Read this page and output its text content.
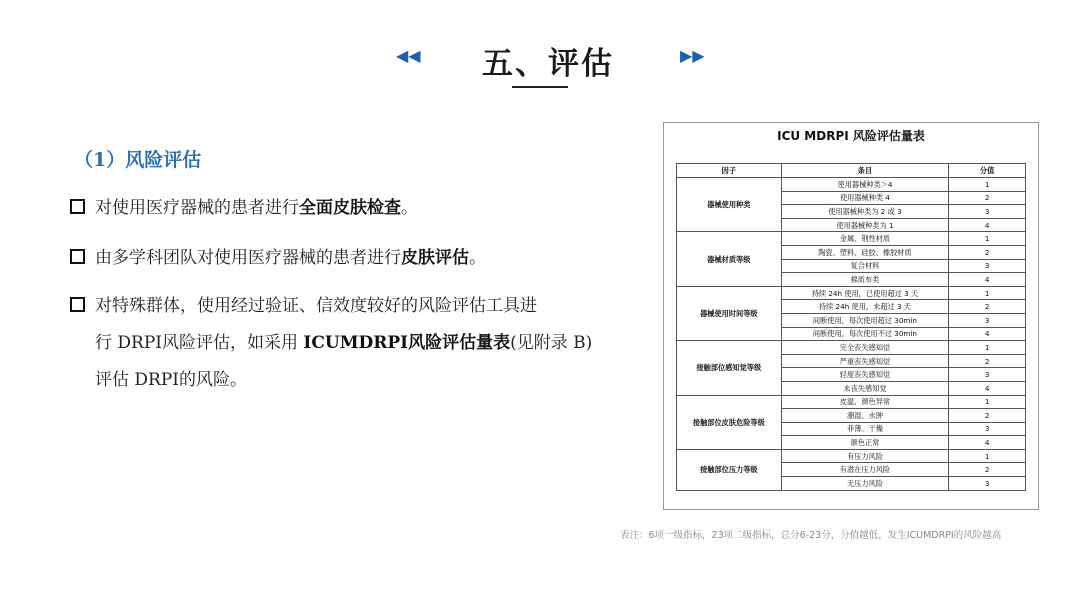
◀◀ 五、评估	▶▶
（1）风险评估
对使用医疗器械的患者进行全面皮肤检查。
由多学科团队对使用医疗器械的患者进行皮肤评估。
对特殊群体，使用经过验证、信效度较好的风险评估工具进
行 DRPI风险评估，如采用 ICUMDRPI风险评估量表(见附录 B)
评估 DRPI的风险。
ICU MDRPI 风险评估量表
因子	条目	分值
器械使用种类	使用器械种类＞4	1
	使用器械种类 4	2
	使用器械种类为 2 或 3	3
	使用器械种类为 1	4
器械材质等级	金属、钢性材质	1
	陶瓷、塑料、硅胶、橡胶材质	2
	复合材料	3
	棉质布类	4
器械使用时间等级	持续 24h 使用，已使用超过 3 天	1
	持续 24h 使用，未超过 3 天	2
	间断使用，每次使用超过 30min	3
	间断使用，每次使用不过 30min	4
接触部位感知觉等级	完全丧失感知觉	1
	严重丧失感知觉	2
	轻度丧失感知觉	3
	未丧失感知觉	4
接触部位皮肤危险等级	皮温、颜色异常	1
	潮湿、水肿	2
	菲薄、干燥	3
	颜色正常	4
接触部位压力等级	有压力风险	1
	有潜在压力风险	2
	无压力风险	3
表注：6项一级指标，23项二级指标，总分6-23分，分值越低，发生ICUMDRPI的风险越高
